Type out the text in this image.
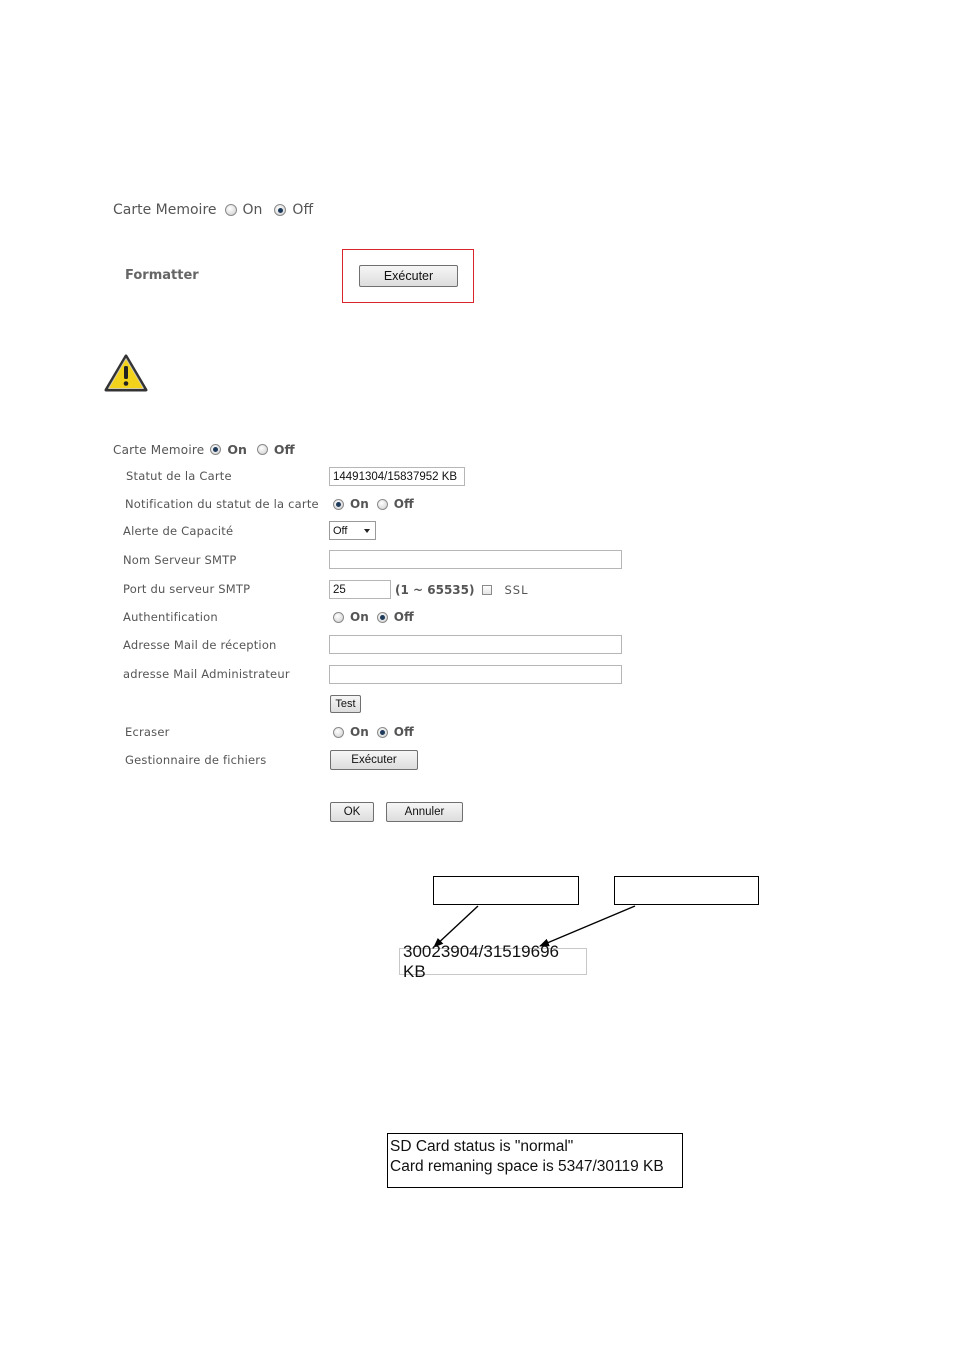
Carte Memoire On Off
Formatter	Exécuter
Carte Memoire On Off
Statut de la Carte	14491304/15837952 KB
Notification du statut de la carte	On Off
Alerte de Capacité	Off
Nom Serveur SMTP
Port du serveur SMTP	25	(1 ~ 65535)	SSL
Authentification	On Off
Adresse Mail de réception
adresse Mail Administrateur
Test
Ecraser	On Off
Gestionnaire de fichiers	Exécuter
OK	Annuler
30023904/31519696 KB
SD Card status is "normal"
Card remaning space is 5347/30119 KB
